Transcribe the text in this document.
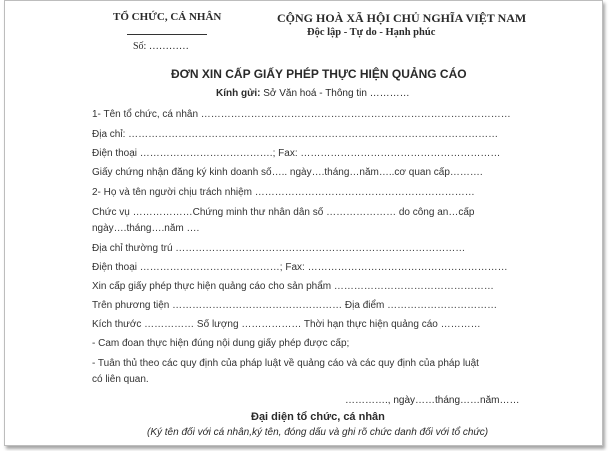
TỔ CHỨC, CÁ NHÂN
Số: …………
CỘNG HOÀ XÃ HỘI CHỦ NGHĨA VIỆT NAM
Độc lập - Tự do - Hạnh phúc
ĐƠN XIN CẤP GIẤY PHÉP THỰC HIỆN QUẢNG CÁO
Kính gửi: Sở Văn hoá - Thông tin …………
1- Tên tổ chức, cá nhân …………………………………………………………………………………
Địa chỉ: …………………………………………………………………………………………………
Điện thoại ………………………………….; Fax: ……………………………………………………
Giấy chứng nhận đăng ký kinh doanh số….. ngày….tháng…năm…..cơ quan cấp……….
2- Họ và tên người chịu trách nhiệm …………………………………………………………
Chức vụ ………………Chứng minh thư nhân dân số ………………… do công an…cấp ngày….tháng….năm ….
Địa chỉ thường trú ……………………………………………………………………………
Điện thoại ……………………………………; Fax: ……………………………………………………
Xin cấp giấy phép thực hiện quảng cáo cho sản phẩm …………………………………………
Trên phương tiện …………………………………………… Địa điểm ……………………………
Kích thước …………… Số lượng ……………… Thời hạn thực hiện quảng cáo …………
- Cam đoan thực hiện đúng nội dung giấy phép được cấp;
- Tuân thủ theo các quy định của pháp luật về quảng cáo và các quy định của pháp luật có liên quan.
…………., ngày……tháng……năm……
Đại diện tổ chức, cá nhân
(Ký tên đối với cá nhân,ký tên, đóng dấu và ghi rõ chức danh đối với tổ chức)
